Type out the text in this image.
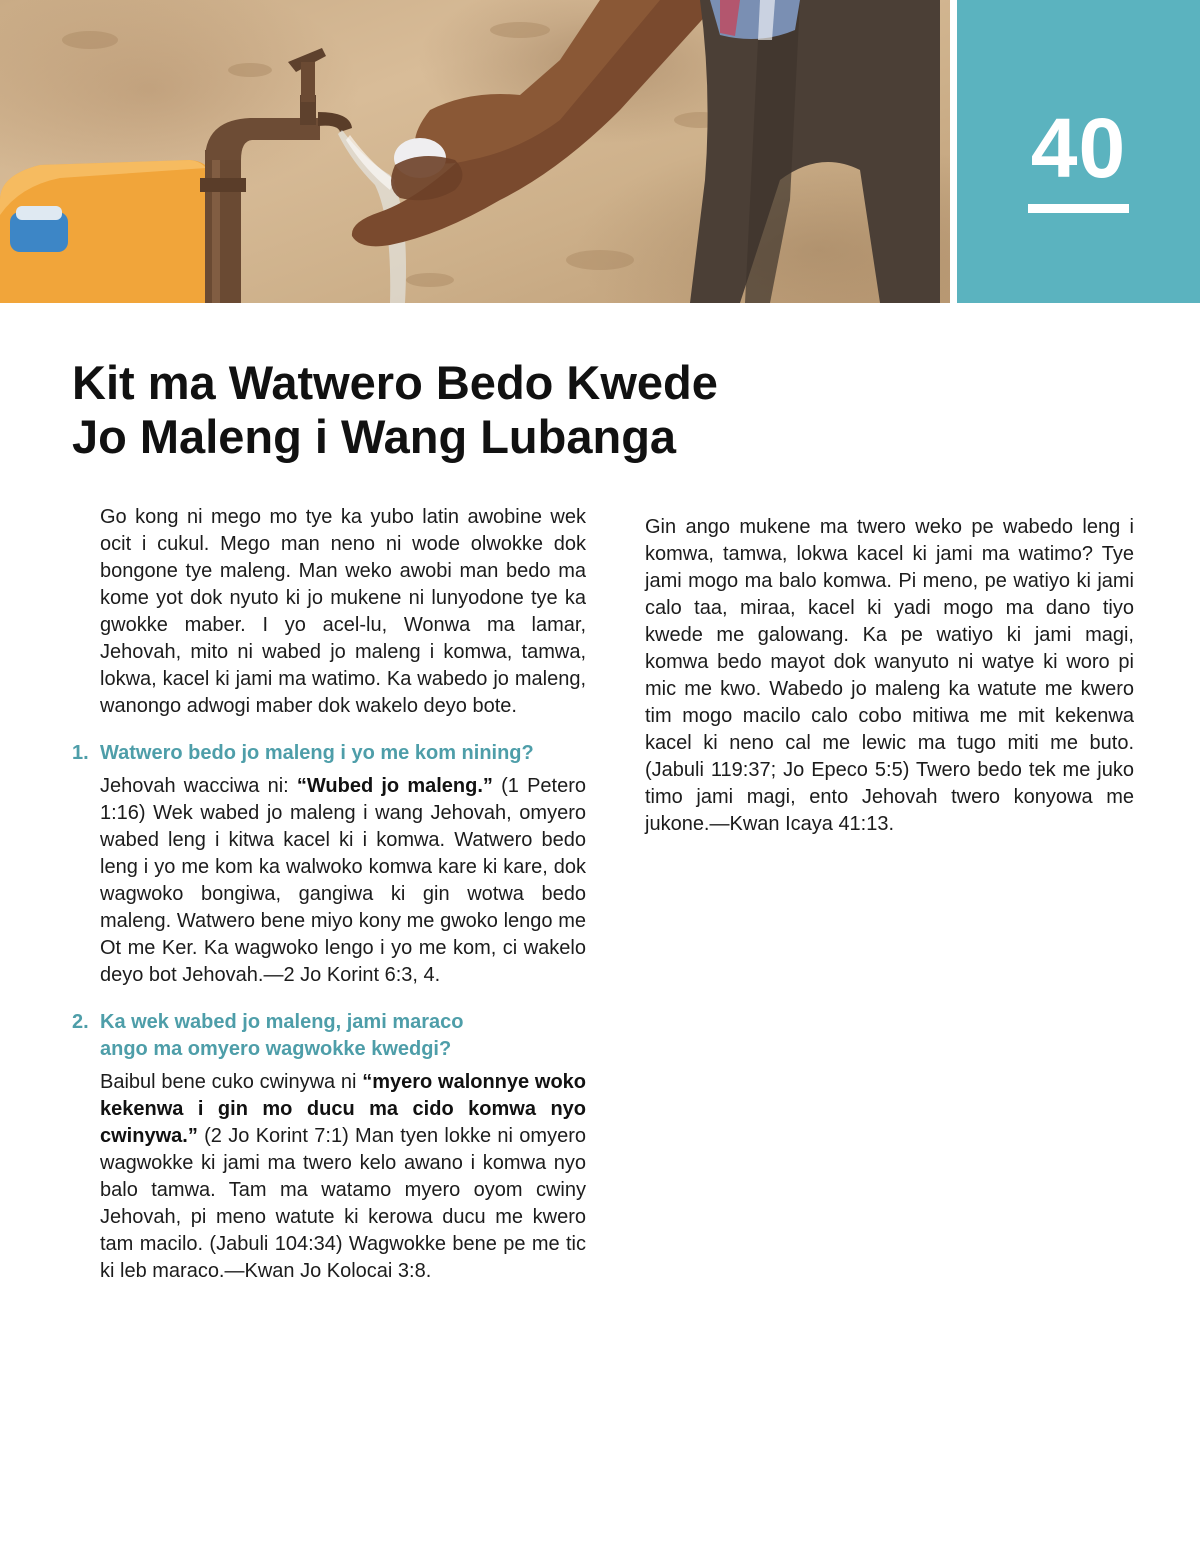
40
Kit ma Watwero Bedo Kwede
Jo Maleng i Wang Lubanga

Go kong ni mego mo tye ka yubo latin awobine wek ocit i cukul. Mego man neno ni wode olwokke dok bongone tye maleng. Man weko awobi man bedo ma kome yot dok nyuto ki jo mukene ni lunyodone tye ka gwokke maber. I yo acel-lu, Wonwa ma lamar, Jehovah, mito ni wabed jo maleng i komwa, tamwa, lokwa, kacel ki jami ma watimo. Ka wabedo jo maleng, wanongo adwogi maber dok wakelo deyo bote.

1. Watwero bedo jo maleng i yo me kom nining?

Jehovah wacciwa ni: “Wubed jo maleng.” (1 Petero 1:16) Wek wabed jo maleng i wang Jehovah, omyero wabed leng i kitwa kacel ki i komwa. Watwero bedo leng i yo me kom ka walwoko komwa kare ki kare, dok wagwoko bongiwa, gangiwa ki gin wotwa bedo maleng. Watwero bene miyo kony me gwoko lengo me Ot me Ker. Ka wagwoko lengo i yo me kom, ci wakelo deyo bot Jehovah.—2 Jo Korint 6:3, 4.

2. Ka wek wabed jo maleng, jami maraco
ango ma omyero wagwokke kwedgi?

Baibul bene cuko cwinywa ni “myero walonnye woko kekenwa i gin mo ducu ma cido komwa nyo cwinywa.” (2 Jo Korint 7:1) Man tyen lokke ni omyero wagwokke ki jami ma twero kelo awano i komwa nyo balo tamwa. Tam ma watamo myero oyom cwiny Jehovah, pi meno watute ki kerowa ducu me kwero tam macilo. (Jabuli 104:34) Wagwokke bene pe me tic ki leb maraco.—Kwan Jo Kolocai 3:8.

Gin ango mukene ma twero weko pe wabedo leng i komwa, tamwa, lokwa kacel ki jami ma watimo? Tye jami mogo ma balo komwa. Pi meno, pe watiyo ki jami calo taa, miraa, kacel ki yadi mogo ma dano tiyo kwede me galowang. Ka pe watiyo ki jami magi, komwa bedo mayot dok wanyuto ni watye ki woro pi mic me kwo. Wabedo jo maleng ka watute me kwero tim mogo macilo calo cobo mitiwa me mit kekenwa kacel ki neno cal me lewic ma tugo miti me buto. (Jabuli 119:37; Jo Epeco 5:5) Twero bedo tek me juko timo jami magi, ento Jehovah twero konyowa me jukone.—Kwan Icaya 41:13.
